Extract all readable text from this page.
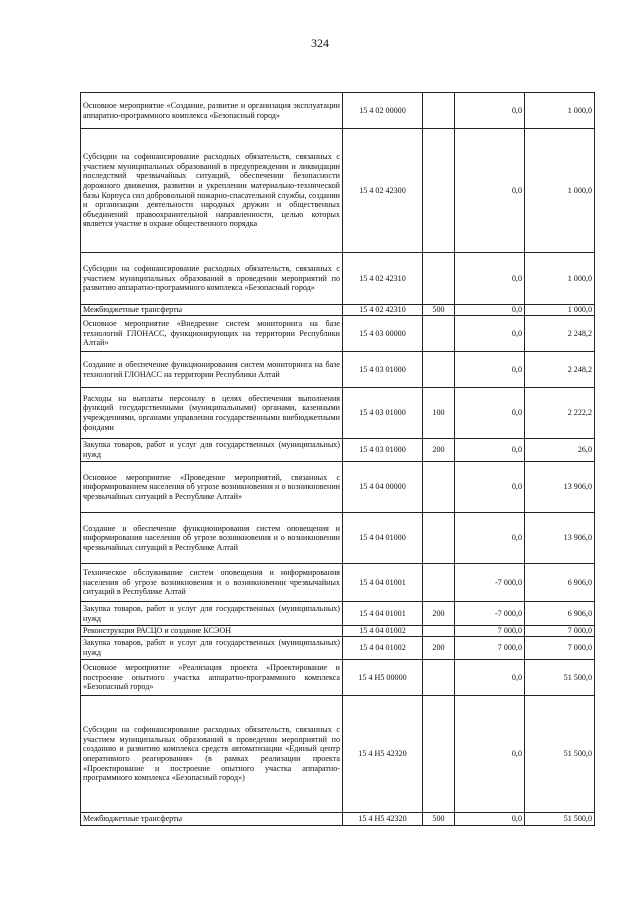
324
Основное мероприятие «Создание, развитие и организация эксплуатации аппаратно-программного комплекса «Безопасный город»	15 4 02 00000		0,0	1 000,0
Субсидии на софинансирование расходных обязательств, связанных с участием муниципальных образований в предупреждении и ликвидации последствий чрезвычайных ситуаций, обеспечении безопасности дорожного движения, развитии и укреплении материально-технической базы Корпуса сил добровольной пожарно-спасательной службы, создании и организации деятельности народных дружин и общественных объединений правоохранительной направленности, целью которых является участие в охране общественного порядка	15 4 02 42300		0,0	1 000,0
Субсидии на софинансирование расходных обязательств, связанных с участием муниципальных образований в проведении мероприятий по развитию аппаратно-программного комплекса «Безопасный город»	15 4 02 42310		0,0	1 000,0
Межбюджетные трансферты	15 4 02 42310	500	0,0	1 000,0
Основное мероприятие «Внедрение систем мониторинга на базе технологий ГЛОНАСС, функционирующих на территории Республики Алтай»	15 4 03 00000		0,0	2 248,2
Создание и обеспечение функционирования систем мониторинга на базе технологий ГЛОНАСС на территории Республики Алтай	15 4 03 01000		0,0	2 248,2
Расходы на выплаты персоналу в целях обеспечения выполнения функций государственными (муниципальными) органами, казенными учреждениями, органами управления государственными внебюджетными фондами	15 4 03 01000	100	0,0	2 222,2
Закупка товаров, работ и услуг для государственных (муниципальных) нужд	15 4 03 01000	200	0,0	26,0
Основное мероприятие «Проведение мероприятий, связанных с информированием населения об угрозе возникновения и о возникновении чрезвычайных ситуаций в Республике Алтай»	15 4 04 00000		0,0	13 906,0
Создание и обеспечение функционирования систем оповещения и информирования населения об угрозе возникновения и о возникновении чрезвычайных ситуаций в Республике Алтай	15 4 04 01000		0,0	13 906,0
Техническое обслуживание систем оповещения и информирования населения об угрозе возникновения и о возникновении чрезвычайных ситуаций в Республике Алтай	15 4 04 01001		-7 000,0	6 906,0
Закупка товаров, работ и услуг для государственных (муниципальных) нужд	15 4 04 01001	200	-7 000,0	6 906,0
Реконструкция РАСЦО и создание КСЭОН	15 4 04 01002		7 000,0	7 000,0
Закупка товаров, работ и услуг для государственных (муниципальных) нужд	15 4 04 01002	200	7 000,0	7 000,0
Основное мероприятие «Реализация проекта «Проектирование и построение опытного участка аппаратно-программного комплекса «Безопасный город»	15 4 H5 00000		0,0	51 500,0
Субсидии на софинансирование расходных обязательств, связанных с участием муниципальных образований в проведении мероприятий по созданию и развитию комплекса средств автоматизации «Единый центр оперативного реагирования» (в рамках реализации проекта «Проектирование и построение опытного участка аппаратно-программного комплекса «Безопасный город»)	15 4 H5 42320		0,0	51 500,0
Межбюджетные трансферты	15 4 H5 42320	500	0,0	51 500,0
